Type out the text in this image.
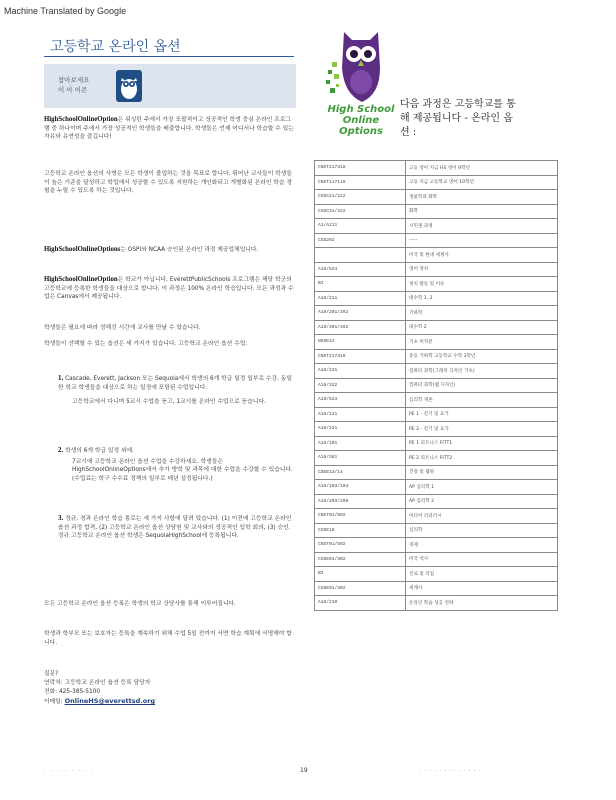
Machine Translated by Google
고등학교 온라인 옵션
참아보세요
이 아 이콘
HighSchoolOnlineOption은 워싱턴 주에서 가장 포괄적이고 성공적인 학생 중심 온라인 프로그램 중 하나이며 주에서 가장 성공적인 학생들을 배출합니다. 학생들은 언제 어디서나 학습할 수 있는 자유와 유연성을 즐깁니다!
고등학교 온라인 옵션의 사명은 모든 학생이 졸업하는 것을 목표로 합니다. 뛰어난 교사들이 학생들이 높은 기준을 달성하고 학업에서 성공할 수 있도록 지원하는 개인화되고 개별화된 온라인 학습 경험을 누릴 수 있도록 하는 것입니다.
HighSchoolOnlineOptions는 OSPI와 NCAA 승인된 온라인 과정 제공업체입니다.
HighSchoolOnlineOption은 학교가 아닙니다. EverettPublicSchools 프로그램은 해당 학군의 고등학교에 등록한 학생들을 대상으로 합니다. 이 과정은 100% 온라인 학습입니다. 모든 과정과 수업은 Canvas에서 제공됩니다.
학생들은 필요에 따라 정해진 시간에 교사를 만날 수 있습니다.
학생들이 선택할 수 있는 옵션은 세 가지가 있습니다. 고등학교 온라인 옵션 수업:
1. Cascade, Everett, Jackson 또는 Sequoia에서 학생의 6개 학급 일정 일부로 수강. 동일한 학교 학생들을 대상으로 하는 일정에 포함된 수업입니다.
고등학교에서 다니며 5교시 수업을 듣고, 1교시를 온라인 수업으로 듣습니다.
2. 학생의 6개 학급 일정 외에.
7교시에 고등학교 온라인 옵션 수업을 수강하세요. 학생들은 HighSchoolOnlineOptions에서 추가 방학 및 과목에 대한 수업을 수강할 수 있습니다. (수업료는 학구 수수료 정책의 일부로 매년 설정됩니다.)
3. 정규, 경과 온라인 학습 통로는 세 가지 사항에 달려 있습니다. (1) 이전에 고등학교 온라인 옵션 과정 합격, (2) 고등학교 온라인 옵션 상담원 및 교사와의 성공적인 입학 회의, (3) 승인. 정규 고등학교 온라인 옵션 학생은 SequoiaHighSchool에 등록됩니다.
모든 고등학교 온라인 옵션 등록은 학생의 학교 상담사를 통해 이루어집니다.
학생과 학부모 또는 보호자는 등록을 계속하기 위해 수업 5일 전까지 서면 학습 계획에 서명해야 합니다.
질문?
연락처: 고등학교 온라인 옵션 등록 담당자
전화: 425-385-5100
이메일: OnlineHS@everettsd.org
High School
Online
Options
다음 과정은 고등학교를 통해 제공됩니다 - 온라인 옵션 :
CNST217318	고등 영어 지금 HS 영어 9학년
CNST117118	고등 지금 고등학교 영어 10학년
CSSC21/222	생물학과 화학
CSSC31/322	화학
A1/A211	시민권 과정
CSS202	-----
	미국 및 현대 세계사
A18/524	영어 정치
BI	정치 활동 및 이슈
A18/211	대수학 1, 2
A18/201/202	기하학
A18/401/402	대수학 2
NSSE12	기초 미적분
CNST217318	중등 기하학 고등학교 수학 3학년
A18/231	컴퓨터 과학(그래픽 디자인 기초)
A18/322	컴퓨터 과학(웹 디자인)
A18/523	심리학 개론
A18/121	PE 1 - 걷기 및 요가
A18/231	PE 2 - 걷기 및 요가
A18/101	PE 1 피트니스 FITT1
A18/361	PE 2 피트니스 FITT2
CSEE13/14	건강 및 웰빙
A18/103/104	AP 심리학 1
A18/203/206	AP 심리학 2
CNST01/602	미디어 리터러시
CSSE19	심리학
CNST01/602	경제
CSSE01/302	미국 역사
BI	진로 및 직업
CSSE01/302	세계사
A18/210	온라인 학습 성공 전략
· · · · · · · ·	19	· · · · · · · · · · · · ·
